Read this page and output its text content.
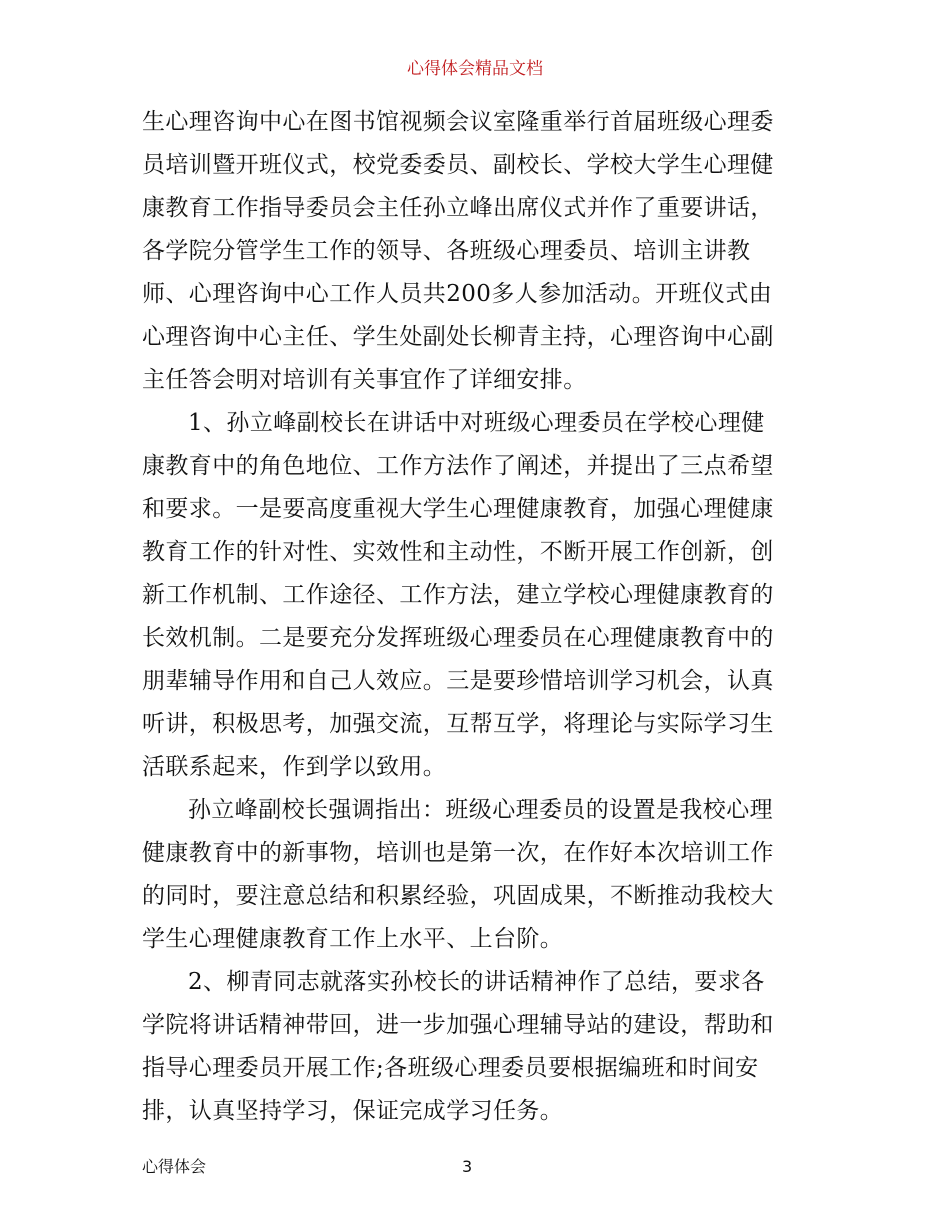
心得体会精品文档

生心理咨询中心在图书馆视频会议室隆重举行首届班级心理委
员培训暨开班仪式，校党委委员、副校长、学校大学生心理健
康教育工作指导委员会主任孙立峰出席仪式并作了重要讲话，
各学院分管学生工作的领导、各班级心理委员、培训主讲教
师、心理咨询中心工作人员共200多人参加活动。开班仪式由
心理咨询中心主任、学生处副处长柳青主持，心理咨询中心副
主任答会明对培训有关事宜作了详细安排。

1、孙立峰副校长在讲话中对班级心理委员在学校心理健
康教育中的角色地位、工作方法作了阐述，并提出了三点希望
和要求。一是要高度重视大学生心理健康教育，加强心理健康
教育工作的针对性、实效性和主动性，不断开展工作创新，创
新工作机制、工作途径、工作方法，建立学校心理健康教育的
长效机制。二是要充分发挥班级心理委员在心理健康教育中的
朋辈辅导作用和自己人效应。三是要珍惜培训学习机会，认真
听讲，积极思考，加强交流，互帮互学，将理论与实际学习生
活联系起来，作到学以致用。

孙立峰副校长强调指出：班级心理委员的设置是我校心理
健康教育中的新事物，培训也是第一次，在作好本次培训工作
的同时，要注意总结和积累经验，巩固成果，不断推动我校大
学生心理健康教育工作上水平、上台阶。

2、柳青同志就落实孙校长的讲话精神作了总结，要求各
学院将讲话精神带回，进一步加强心理辅导站的建设，帮助和
指导心理委员开展工作;各班级心理委员要根据编班和时间安
排，认真坚持学习，保证完成学习任务。

心得体会	3
